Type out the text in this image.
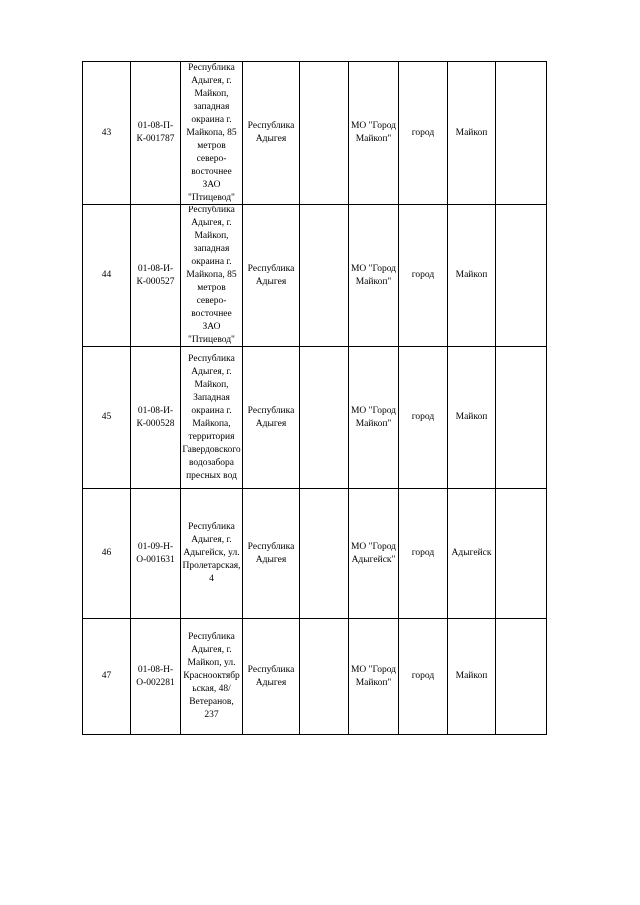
43	01-08-П-К-001787	Республика Адыгея, г. Майкоп, западная окраина г. Майкопа, 85 метров северо-восточнее ЗАО "Птицевод"	Республика Адыгея		МО "Город Майкоп"	город	Майкоп	

44	01-08-И-К-000527	Республика Адыгея, г. Майкоп, западная окраина г. Майкопа, 85 метров северо-восточнее ЗАО "Птицевод"	Республика Адыгея		МО "Город Майкоп"	город	Майкоп	

45	01-08-И-К-000528	Республика Адыгея, г. Майкоп, Западная окраина г. Майкопа, территория Гавердовского водозабора пресных вод	Республика Адыгея		МО "Город Майкоп"	город	Майкоп	

46	01-09-Н-О-001631	Республика Адыгея, г. Адыгейск, ул. Пролетарская, 4	Республика Адыгея		МО "Город Адыгейск"	город	Адыгейск	

47	01-08-Н-О-002281	Республика Адыгея, г. Майкоп, ул. Краснооктябрьская, 48/Ветеранов, 237	Республика Адыгея		МО "Город Майкоп"	город	Майкоп	
